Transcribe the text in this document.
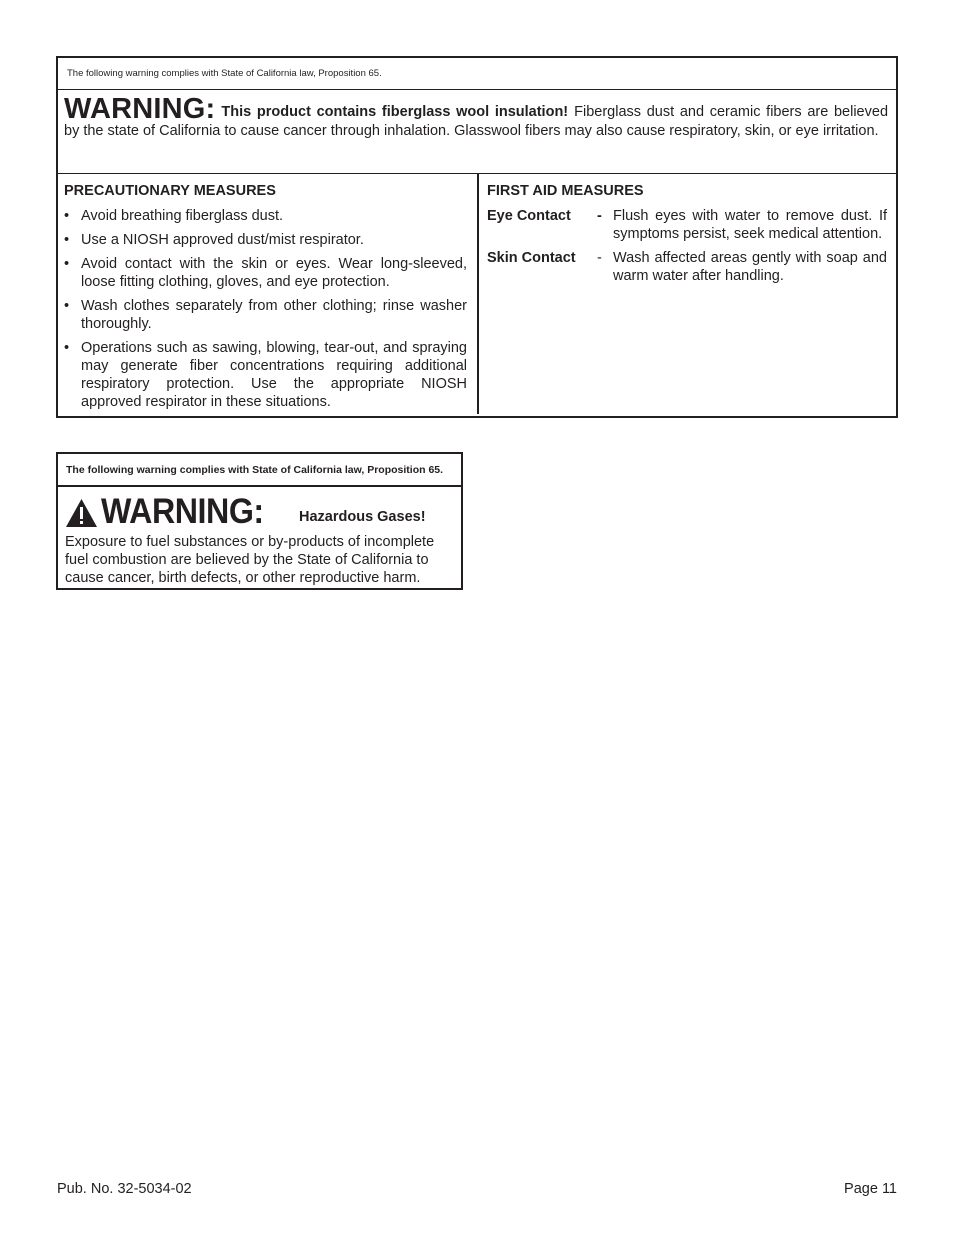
The following warning complies with State of California law, Proposition 65.
WARNING: This product contains fiberglass wool insulation! Fiberglass dust and ceramic fibers are believed by the state of California to cause cancer through inhalation. Glasswool fibers may also cause respiratory, skin, or eye irritation.
PRECAUTIONARY MEASURES
• Avoid breathing fiberglass dust.
• Use a NIOSH approved dust/mist respirator.
• Avoid contact with the skin or eyes. Wear long-sleeved, loose fitting clothing, gloves, and eye protection.
• Wash clothes separately from other clothing; rinse washer thoroughly.
• Operations such as sawing, blowing, tear-out, and spraying may generate fiber concentrations requiring additional respiratory protection. Use the appropriate NIOSH approved respirator in these situations.
FIRST AID MEASURES
Eye Contact	- Flush eyes with water to remove dust. If symptoms persist, seek medical attention.
Skin Contact	- Wash affected areas gently with soap and warm water after handling.
The following warning complies with State of California law, Proposition 65.
WARNING:	Hazardous Gases!
Exposure to fuel substances or by-products of incomplete fuel combustion are believed by the State of California to cause cancer, birth defects, or other reproductive harm.
Pub. No. 32-5034-02	Page 11
